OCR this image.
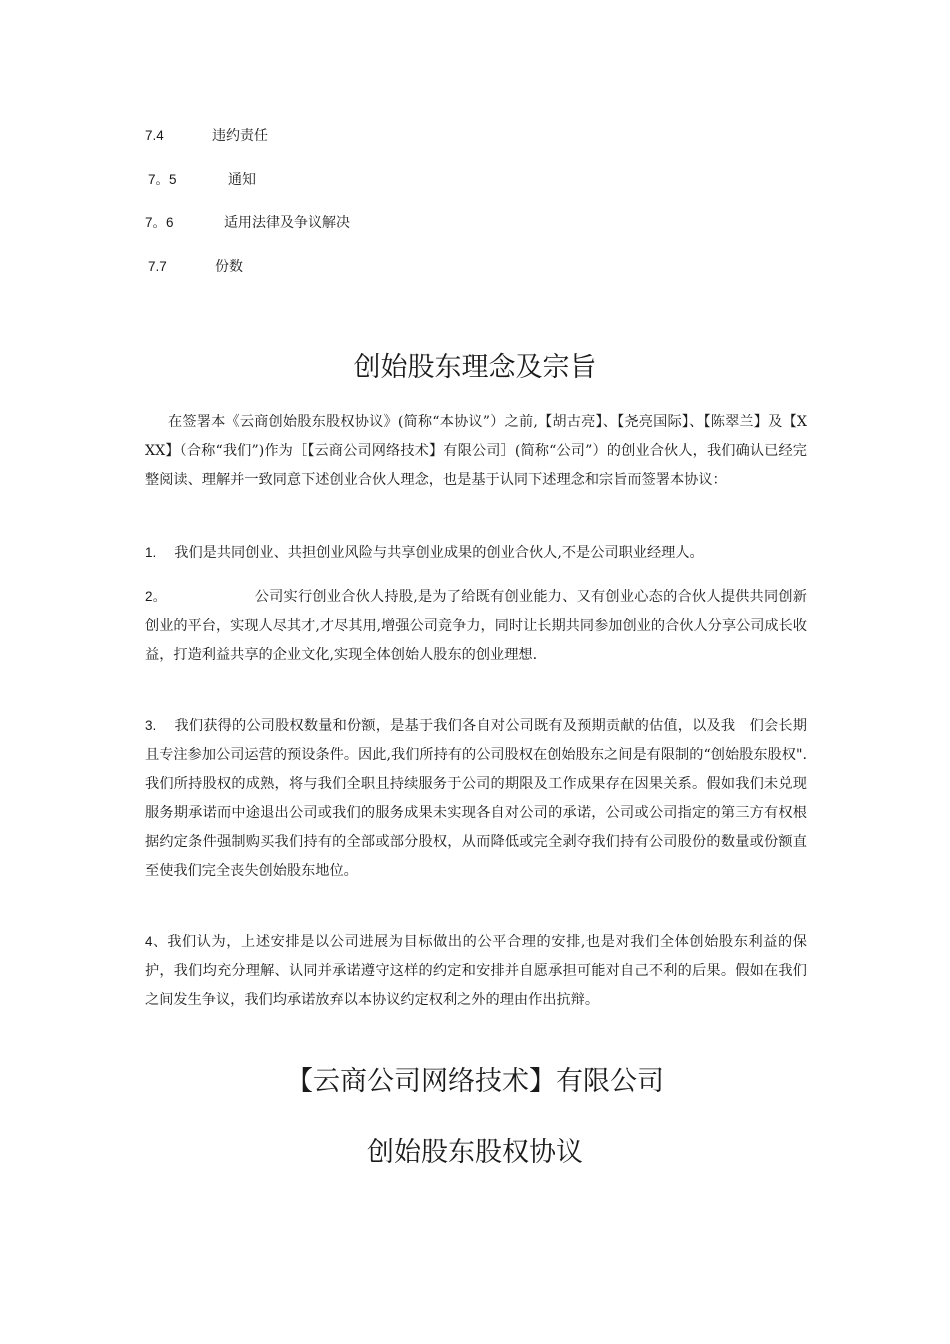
7.4	违约责任
7。5	通知
7。6	适用法律及争议解决
7.7	份数
创始股东理念及宗旨

在签署本《云商创始股东股权协议》(简称“本协议”）之前,【胡古亮】、【尧亮国际】、【陈翠兰】及【XXX】（合称“我们”)作为［【云商公司网络技术】有限公司］(简称“公司”）的创业合伙人，我们确认已经完整阅读、理解并一致同意下述创业合伙人理念，也是基于认同下述理念和宗旨而签署本协议：

1. 我们是共同创业、共担创业风险与共享创业成果的创业合伙人,不是公司职业经理人。

2。	公司实行创业合伙人持股,是为了给既有创业能力、又有创业心态的合伙人提供共同创新　创业的平台，实现人尽其才,才尽其用,增强公司竞争力，同时让长期共同参加创业的合伙人分享公司成长收益，打造利益共享的企业文化,实现全体创始人股东的创业理想.

3. 我们获得的公司股权数量和份额，是基于我们各自对公司既有及预期贡献的估值，以及我　们会长期且专注参加公司运营的预设条件。因此,我们所持有的公司股权在创始股东之间是有限制的“创始股东股权".我们所持股权的成熟，将与我们全职且持续服务于公司的期限及工作成果存在因果关系。假如我们未兑现服务期承诺而中途退出公司或我们的服务成果未实现各自对公司的承诺，公司或公司指定的第三方有权根据约定条件强制购买我们持有的全部或部分股权，从而降低或完全剥夺我们持有公司股份的数量或份额直至使我们完全丧失创始股东地位。

4、我们认为，上述安排是以公司进展为目标做出的公平合理的安排,也是对我们全体创始股东利益的保护，我们均充分理解、认同并承诺遵守这样的约定和安排并自愿承担可能对自己不利的后果。假如在我们之间发生争议，我们均承诺放弃以本协议约定权利之外的理由作出抗辩。

【云商公司网络技术】有限公司
创始股东股权协议
